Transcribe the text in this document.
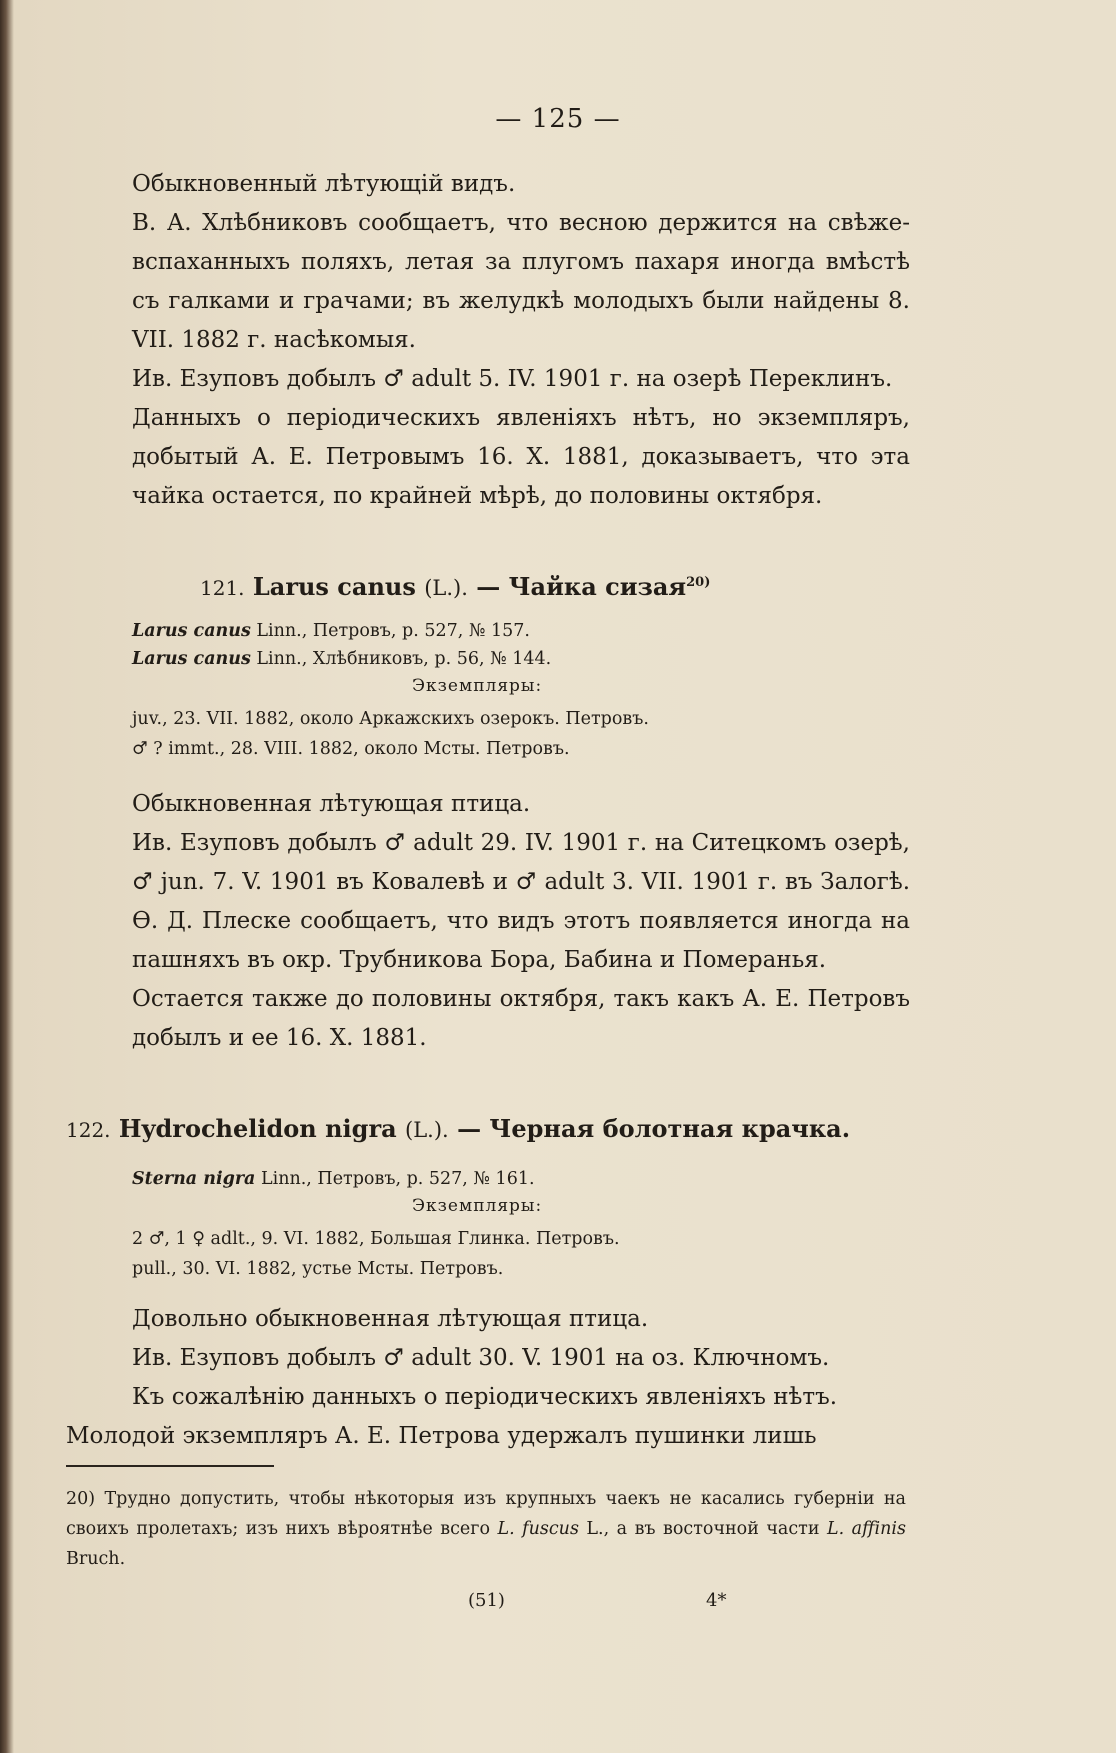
— 125 —

Обыкновенный лѣтующій видъ.

В. А. Хлѣбниковъ сообщаетъ, что весною держится на свѣже-вспаханныхъ поляхъ, летая за плугомъ пахаря иногда вмѣстѣ съ галками и грачами; въ желудкѣ молодыхъ были найдены 8. VII. 1882 г. насѣкомыя.

Ив. Езуповъ добылъ ♂ adult 5. IV. 1901 г. на озерѣ Переклинъ.

Данныхъ о періодическихъ явленіяхъ нѣтъ, но экземпляръ, добытый А. Е. Петровымъ 16. X. 1881, доказываетъ, что эта чайка остается, по крайней мѣрѣ, до половины октября.

121. Larus canus (L.). — Чайка сизая$^{20)}$
Larus canus Linn., Петровъ, р. 527, № 157.
Larus canus Linn., Хлѣбниковъ, р. 56, № 144.
Экземпляры:
juv., 23. VII. 1882, около Аркажскихъ озерокъ. Петровъ.
♂ ? immt., 28. VIII. 1882, около Мсты. Петровъ.

Обыкновенная лѣтующая птица.

Ив. Езуповъ добылъ ♂ adult 29. IV. 1901 г. на Ситецкомъ озерѣ, ♂ jun. 7. V. 1901 въ Ковалевѣ и ♂ adult 3. VII. 1901 г. въ Залогѣ. Ѳ. Д. Плеске сообщаетъ, что видъ этотъ появляется иногда на пашняхъ въ окр. Трубникова Бора, Бабина и Померанья.

Остается также до половины октября, такъ какъ А. Е. Петровъ добылъ и ее 16. X. 1881.

122. Hydrochelidon nigra (L.). — Черная болотная крачка.
Sterna nigra Linn., Петровъ, р. 527, № 161.
Экземпляры:
2 ♂, 1 ♀ adlt., 9. VI. 1882, Большая Глинка. Петровъ.
pull., 30. VI. 1882, устье Мсты. Петровъ.

Довольно обыкновенная лѣтующая птица.

Ив. Езуповъ добылъ ♂ adult 30. V. 1901 на оз. Ключномъ.

Къ сожалѣнію данныхъ о періодическихъ явленіяхъ нѣтъ.

Молодой экземпляръ А. Е. Петрова удержалъ пушинки лишь

20) Трудно допустить, чтобы нѣкоторыя изъ крупныхъ чаекъ не касались губерніи на своихъ пролетахъ; изъ нихъ вѣроятнѣе всего L. fuscus L., а въ восточной части L. affinis Bruch.
(51)	4*
